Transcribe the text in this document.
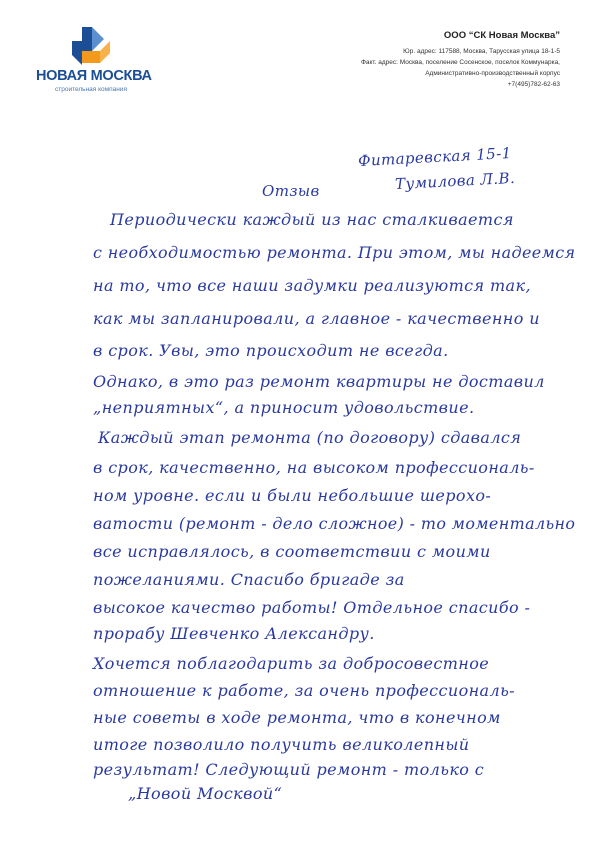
НОВАЯ МОСКВА
строительная компания
ООО “СК Новая Москва”
Юр. адрес: 117588, Москва, Тарусская улица 18-1-5
Факт. адрес: Москва, поселение Сосенское, поселок Коммунарка,
Административно-производственный корпус
+7(495)782-62-63
Фитаревская 15-1
Тумилова Л.В.
Отзыв
Периодически каждый из нас сталкивается
с необходимостью ремонта. При этом, мы надеемся
на то, что все наши задумки реализуются так,
как мы запланировали, а главное - качественно и
в срок. Увы, это происходит не всегда.
Однако, в это раз ремонт квартиры не доставил
„неприятных“, а приносит удовольствие.
Каждый этап ремонта (по договору) сдавался
в срок, качественно, на высоком профессиональ-
ном уровне. если и были небольшие шерохо-
ватости (ремонт - дело сложное) - то моментально
все исправлялось, в соответствии с моими
пожеланиями. Спасибо бригаде за
высокое качество работы! Отдельное спасибо -
прорабу Шевченко Александру.
Хочется поблагодарить за добросовестное
отношение к работе, за очень профессиональ-
ные советы в ходе ремонта, что в конечном
итоге позволило получить великолепный
результат! Следующий ремонт - только с
„Новой Москвой“
